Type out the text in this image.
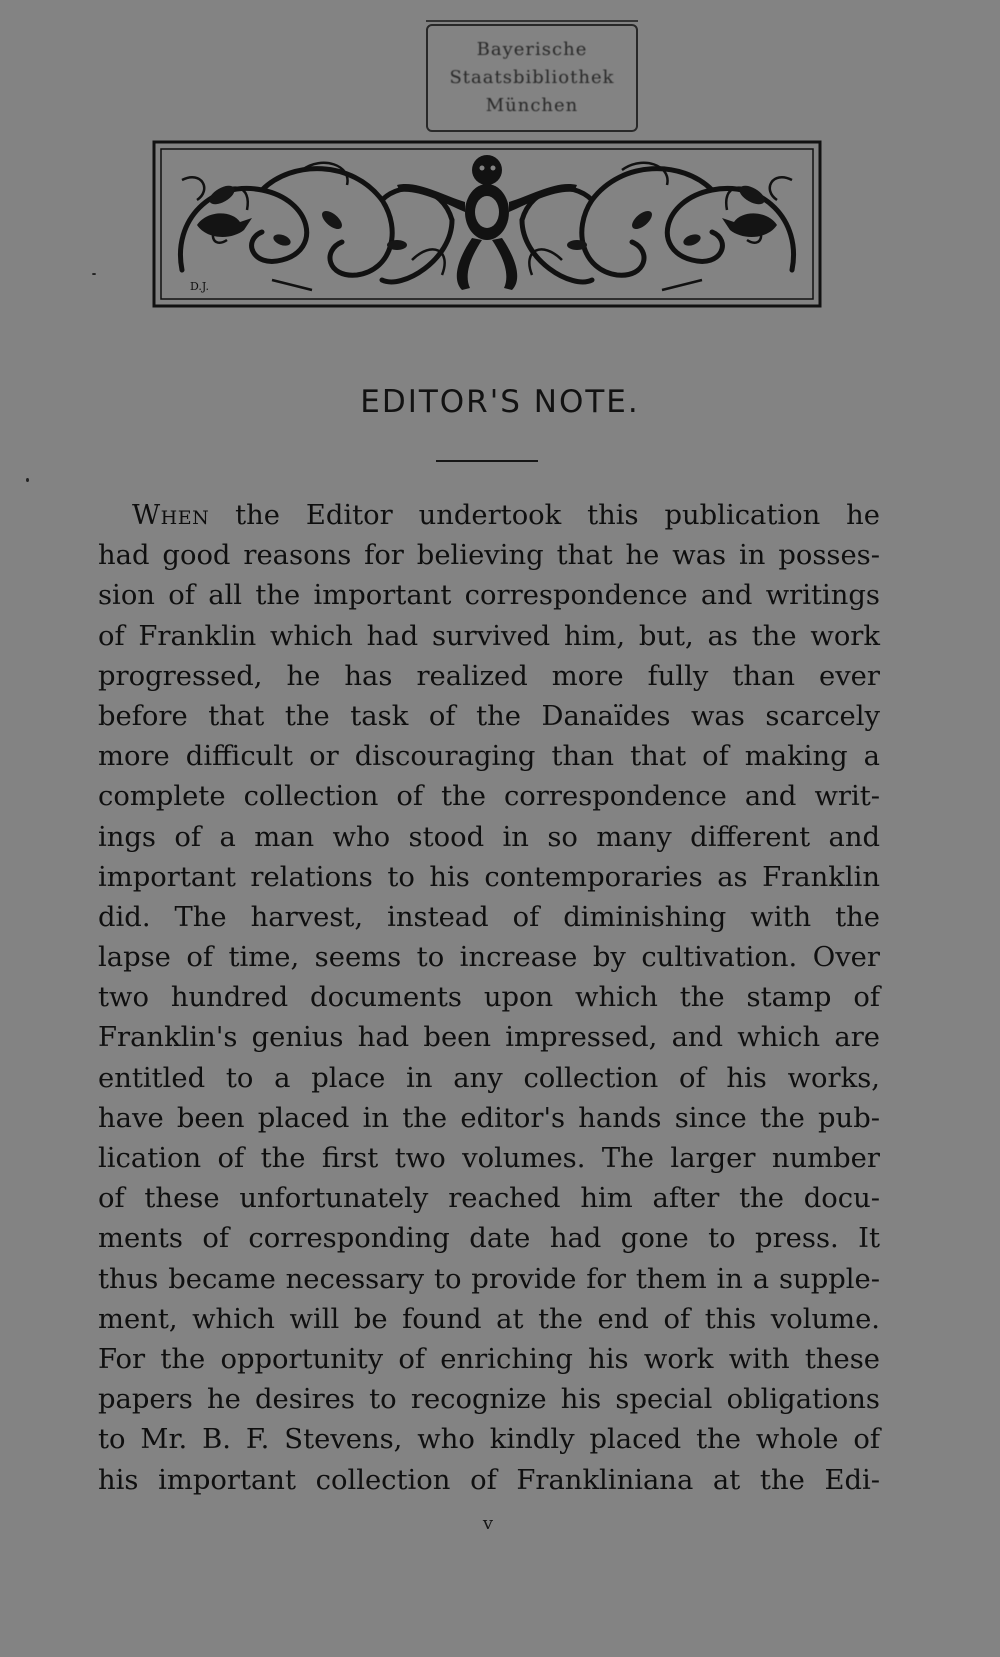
Bayerische
Staatsbibliothek
München
D.J.
EDITOR'S NOTE.
When the Editor undertook this publication he
had good reasons for believing that he was in posses-
sion of all the important correspondence and writings
of Franklin which had survived him, but, as the work
progressed, he has realized more fully than ever
before that the task of the Danaïdes was scarcely
more difficult or discouraging than that of making a
complete collection of the correspondence and writ-
ings of a man who stood in so many different and
important relations to his contemporaries as Franklin
did. The harvest, instead of diminishing with the
lapse of time, seems to increase by cultivation. Over
two hundred documents upon which the stamp of
Franklin's genius had been impressed, and which are
entitled to a place in any collection of his works,
have been placed in the editor's hands since the pub-
lication of the first two volumes. The larger number
of these unfortunately reached him after the docu-
ments of corresponding date had gone to press. It
thus became necessary to provide for them in a supple-
ment, which will be found at the end of this volume.
For the opportunity of enriching his work with these
papers he desires to recognize his special obligations
to Mr. B. F. Stevens, who kindly placed the whole of
his important collection of Frankliniana at the Edi-
v
